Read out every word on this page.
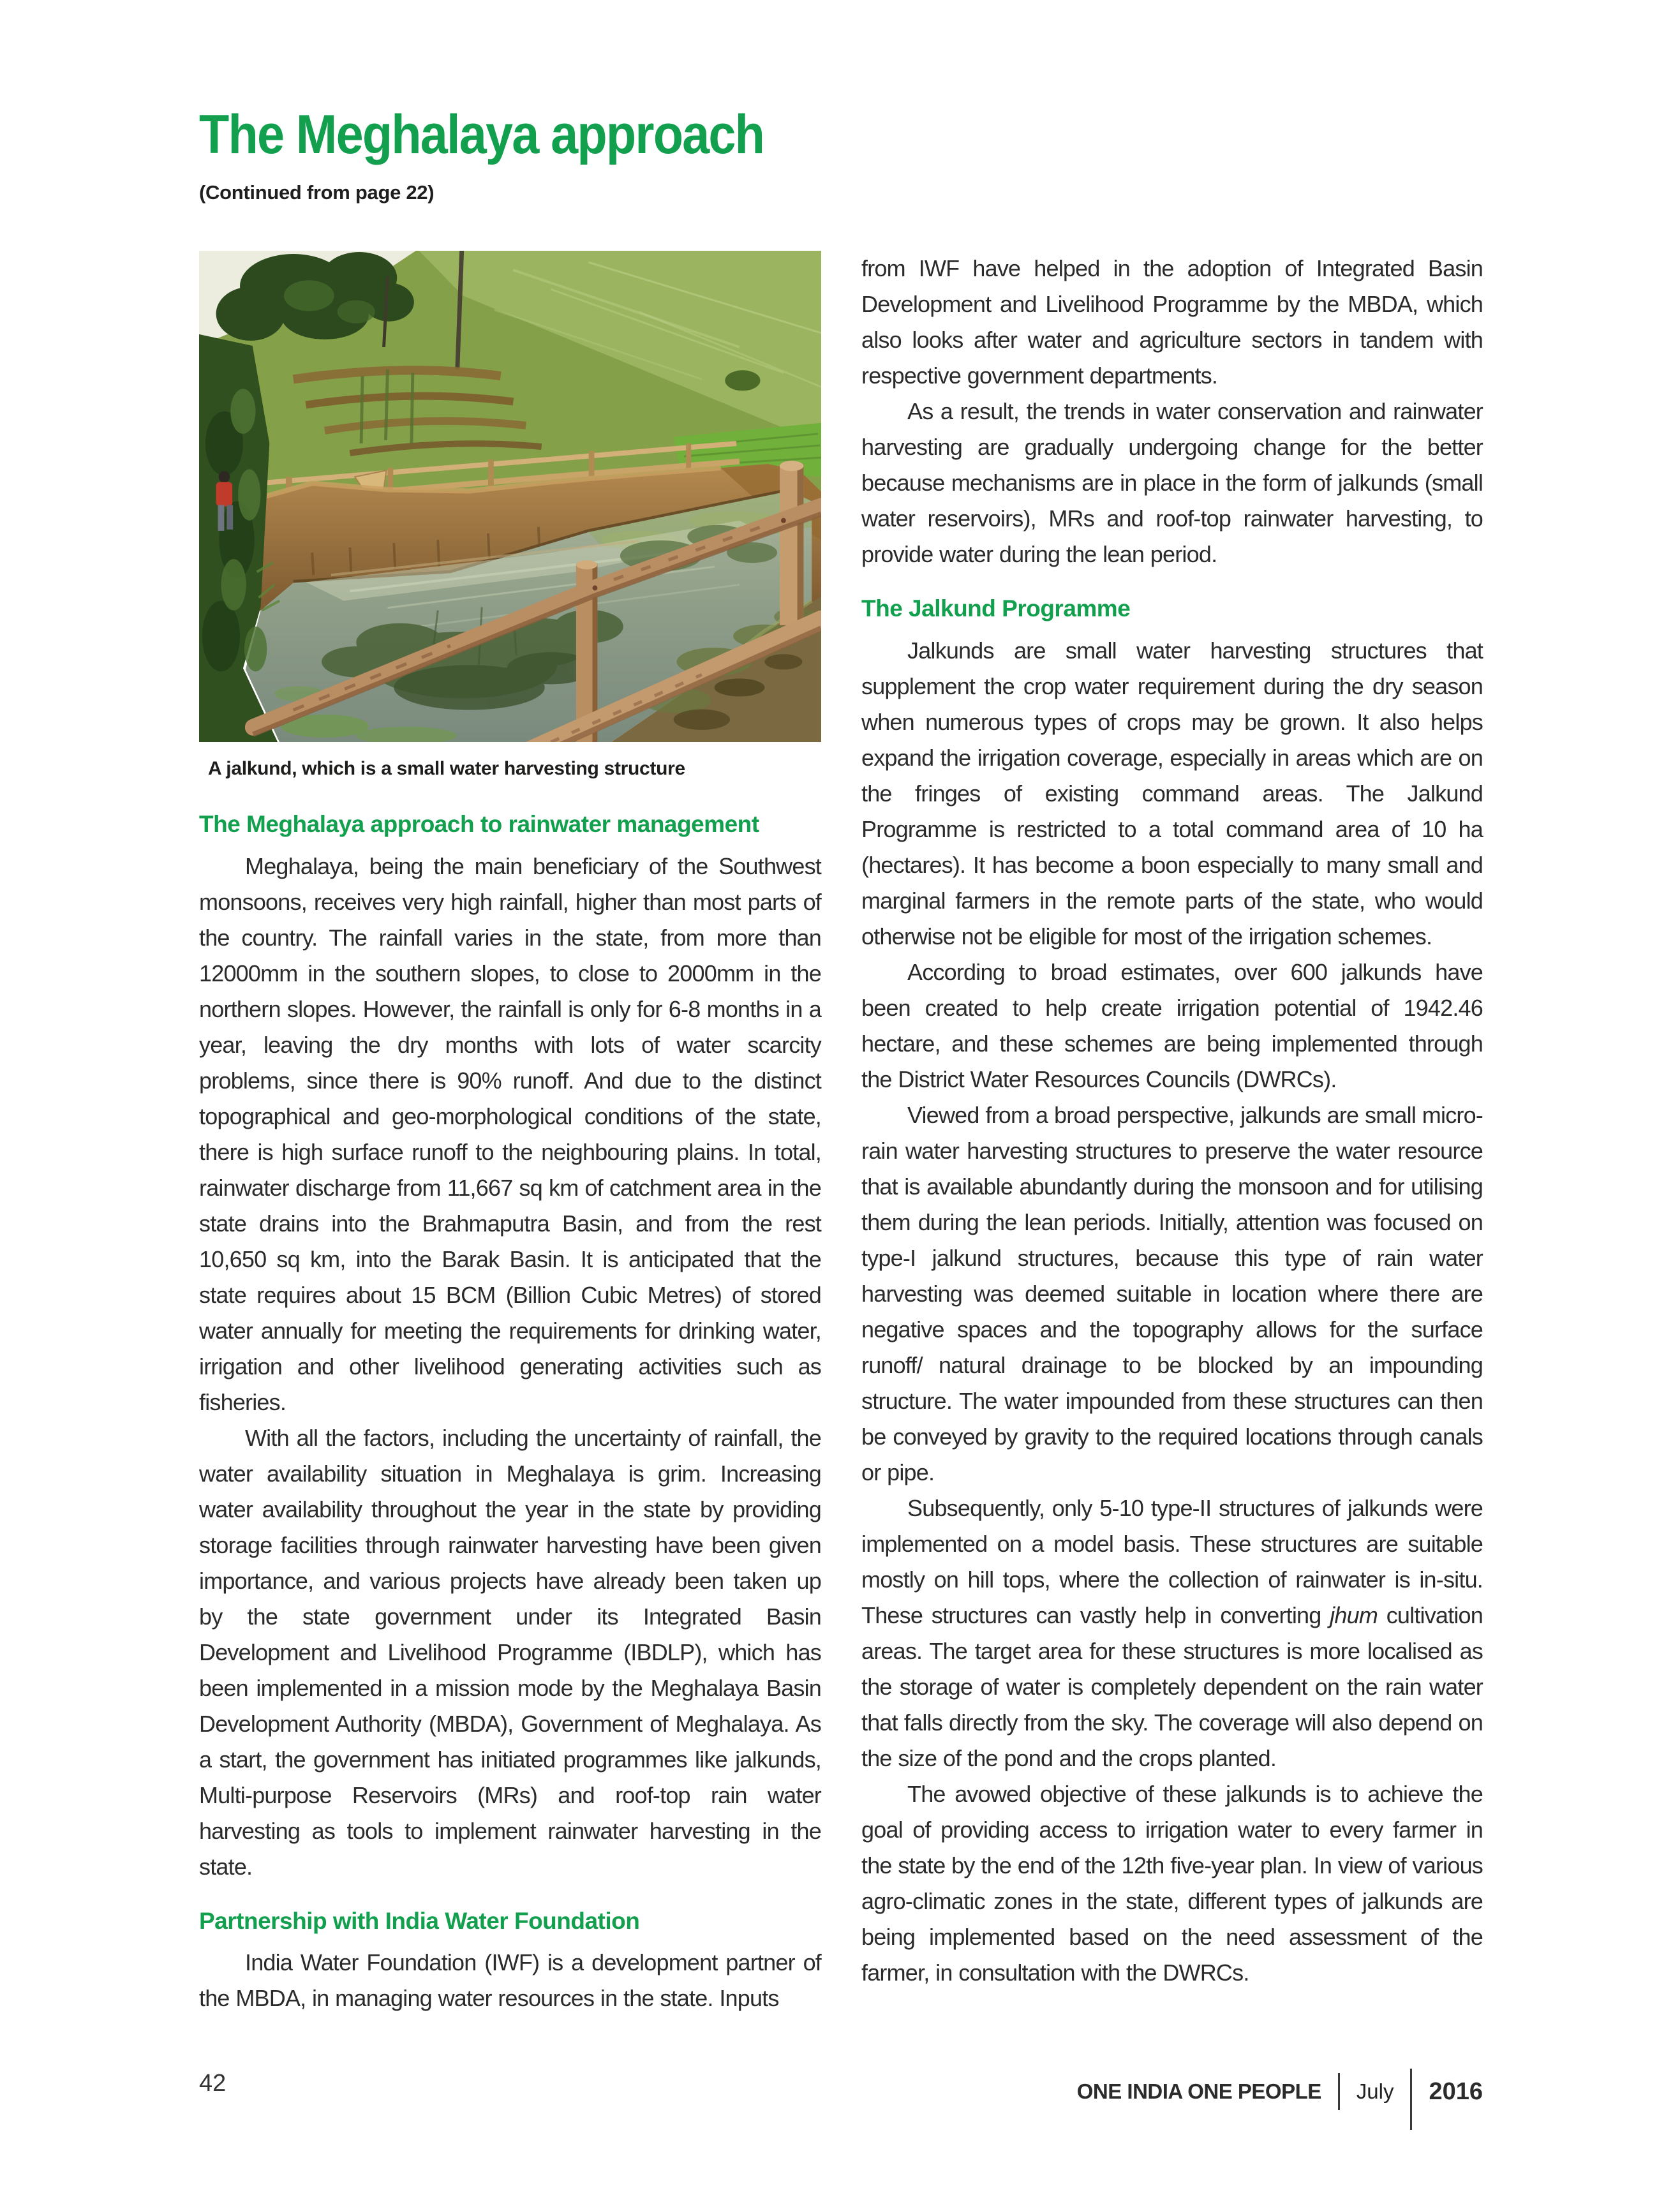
The Meghalaya approach
(Continued from page 22)
A jalkund, which is a small water harvesting structure
The Meghalaya approach to rainwater management

Meghalaya, being the main beneficiary of the Southwest monsoons, receives very high rainfall, higher than most parts of the country. The rainfall varies in the state, from more than 12000mm in the southern slopes, to close to 2000mm in the northern slopes. However, the rainfall is only for 6-8 months in a year, leaving the dry months with lots of water scarcity problems, since there is 90% runoff. And due to the distinct topographical and geo-morphological conditions of the state, there is high surface runoff to the neighbouring plains. In total, rainwater discharge from 11,667 sq km of catchment area in the state drains into the Brahmaputra Basin, and from the rest 10,650 sq km, into the Barak Basin. It is anticipated that the state requires about 15 BCM (Billion Cubic Metres) of stored water annually for meeting the requirements for drinking water, irrigation and other livelihood generating activities such as fisheries.

With all the factors, including the uncertainty of rainfall, the water availability situation in Meghalaya is grim. Increasing water availability throughout the year in the state by providing storage facilities through rainwater harvesting have been given importance, and various projects have already been taken up by the state government under its Integrated Basin Development and Livelihood Programme (IBDLP), which has been implemented in a mission mode by the Meghalaya Basin Development Authority (MBDA), Government of Meghalaya. As a start, the government has initiated programmes like jalkunds, Multi-purpose Reservoirs (MRs) and roof-top rain water harvesting as tools to implement rainwater harvesting in the state.

Partnership with India Water Foundation

India Water Foundation (IWF) is a development partner of the MBDA, in managing water resources in the state. Inputs

from IWF have helped in the adoption of Integrated Basin Development and Livelihood Programme by the MBDA, which also looks after water and agriculture sectors in tandem with respective government departments.

As a result, the trends in water conservation and rainwater harvesting are gradually undergoing change for the better because mechanisms are in place in the form of jalkunds (small water reservoirs), MRs and roof-top rainwater harvesting, to provide water during the lean period.

The Jalkund Programme

Jalkunds are small water harvesting structures that supplement the crop water requirement during the dry season when numerous types of crops may be grown. It also helps expand the irrigation coverage, especially in areas which are on the fringes of existing command areas. The Jalkund Programme is restricted to a total command area of 10 ha (hectares). It has become a boon especially to many small and marginal farmers in the remote parts of the state, who would otherwise not be eligible for most of the irrigation schemes.

According to broad estimates, over 600 jalkunds have been created to help create irrigation potential of 1942.46 hectare, and these schemes are being implemented through the District Water Resources Councils (DWRCs).

Viewed from a broad perspective, jalkunds are small micro-rain water harvesting structures to preserve the water resource that is available abundantly during the monsoon and for utilising them during the lean periods. Initially, attention was focused on type-I jalkund structures, because this type of rain water harvesting was deemed suitable in location where there are negative spaces and the topography allows for the surface runoff/ natural drainage to be blocked by an impounding structure. The water impounded from these structures can then be conveyed by gravity to the required locations through canals or pipe.

Subsequently, only 5-10 type-II structures of jalkunds were implemented on a model basis. These structures are suitable mostly on hill tops, where the collection of rainwater is in-situ. These structures can vastly help in converting jhum cultivation areas. The target area for these structures is more localised as the storage of water is completely dependent on the rain water that falls directly from the sky. The coverage will also depend on the size of the pond and the crops planted.

The avowed objective of these jalkunds is to achieve the goal of providing access to irrigation water to every farmer in the state by the end of the 12th five-year plan. In view of various agro-climatic zones in the state, different types of jalkunds are being implemented based on the need assessment of the farmer, in consultation with the DWRCs.

42	ONE INDIA ONE PEOPLE July 2016
